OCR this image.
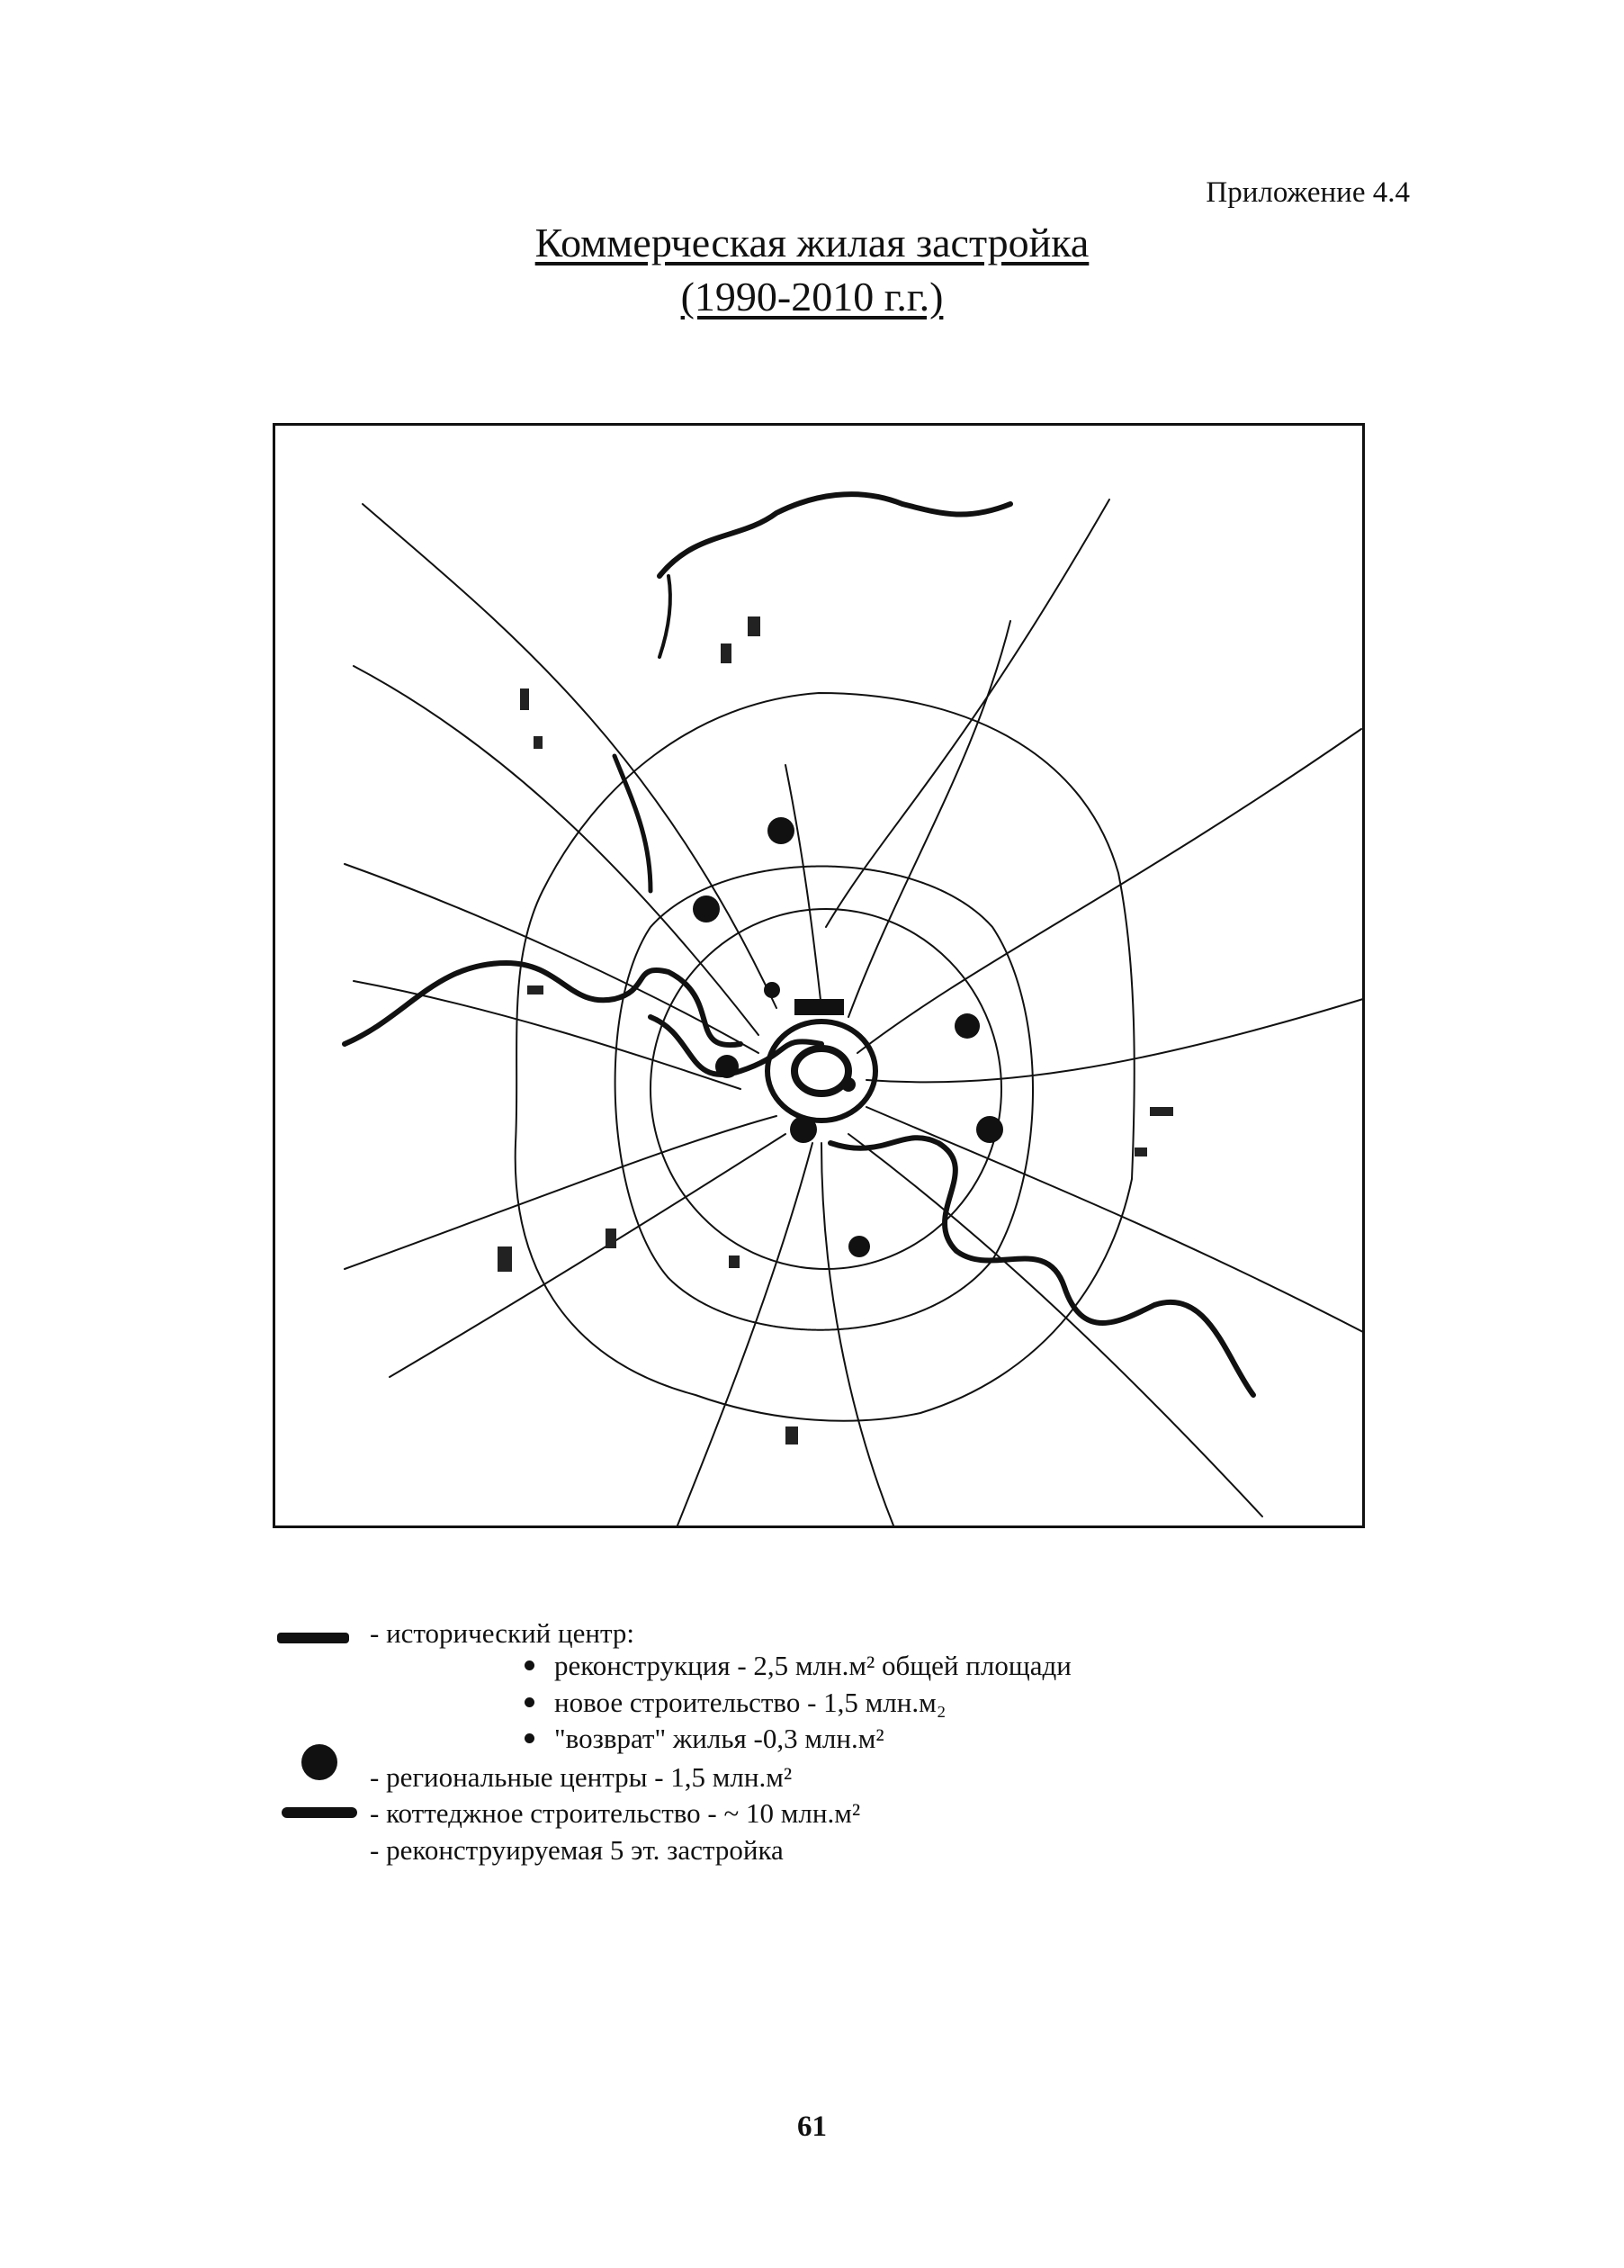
Приложение 4.4
Коммерческая жилая застройка
(1990-2010 г.г.)
- исторический центр:
реконструкция - 2,5 млн.м² общей площади
новое строительство - 1,5 млн.м₂
"возврат" жилья -0,3 млн.м²
- региональные центры - 1,5 млн.м²
- коттеджное строительство - ~ 10 млн.м²
- реконструируемая 5 эт. застройка
61
